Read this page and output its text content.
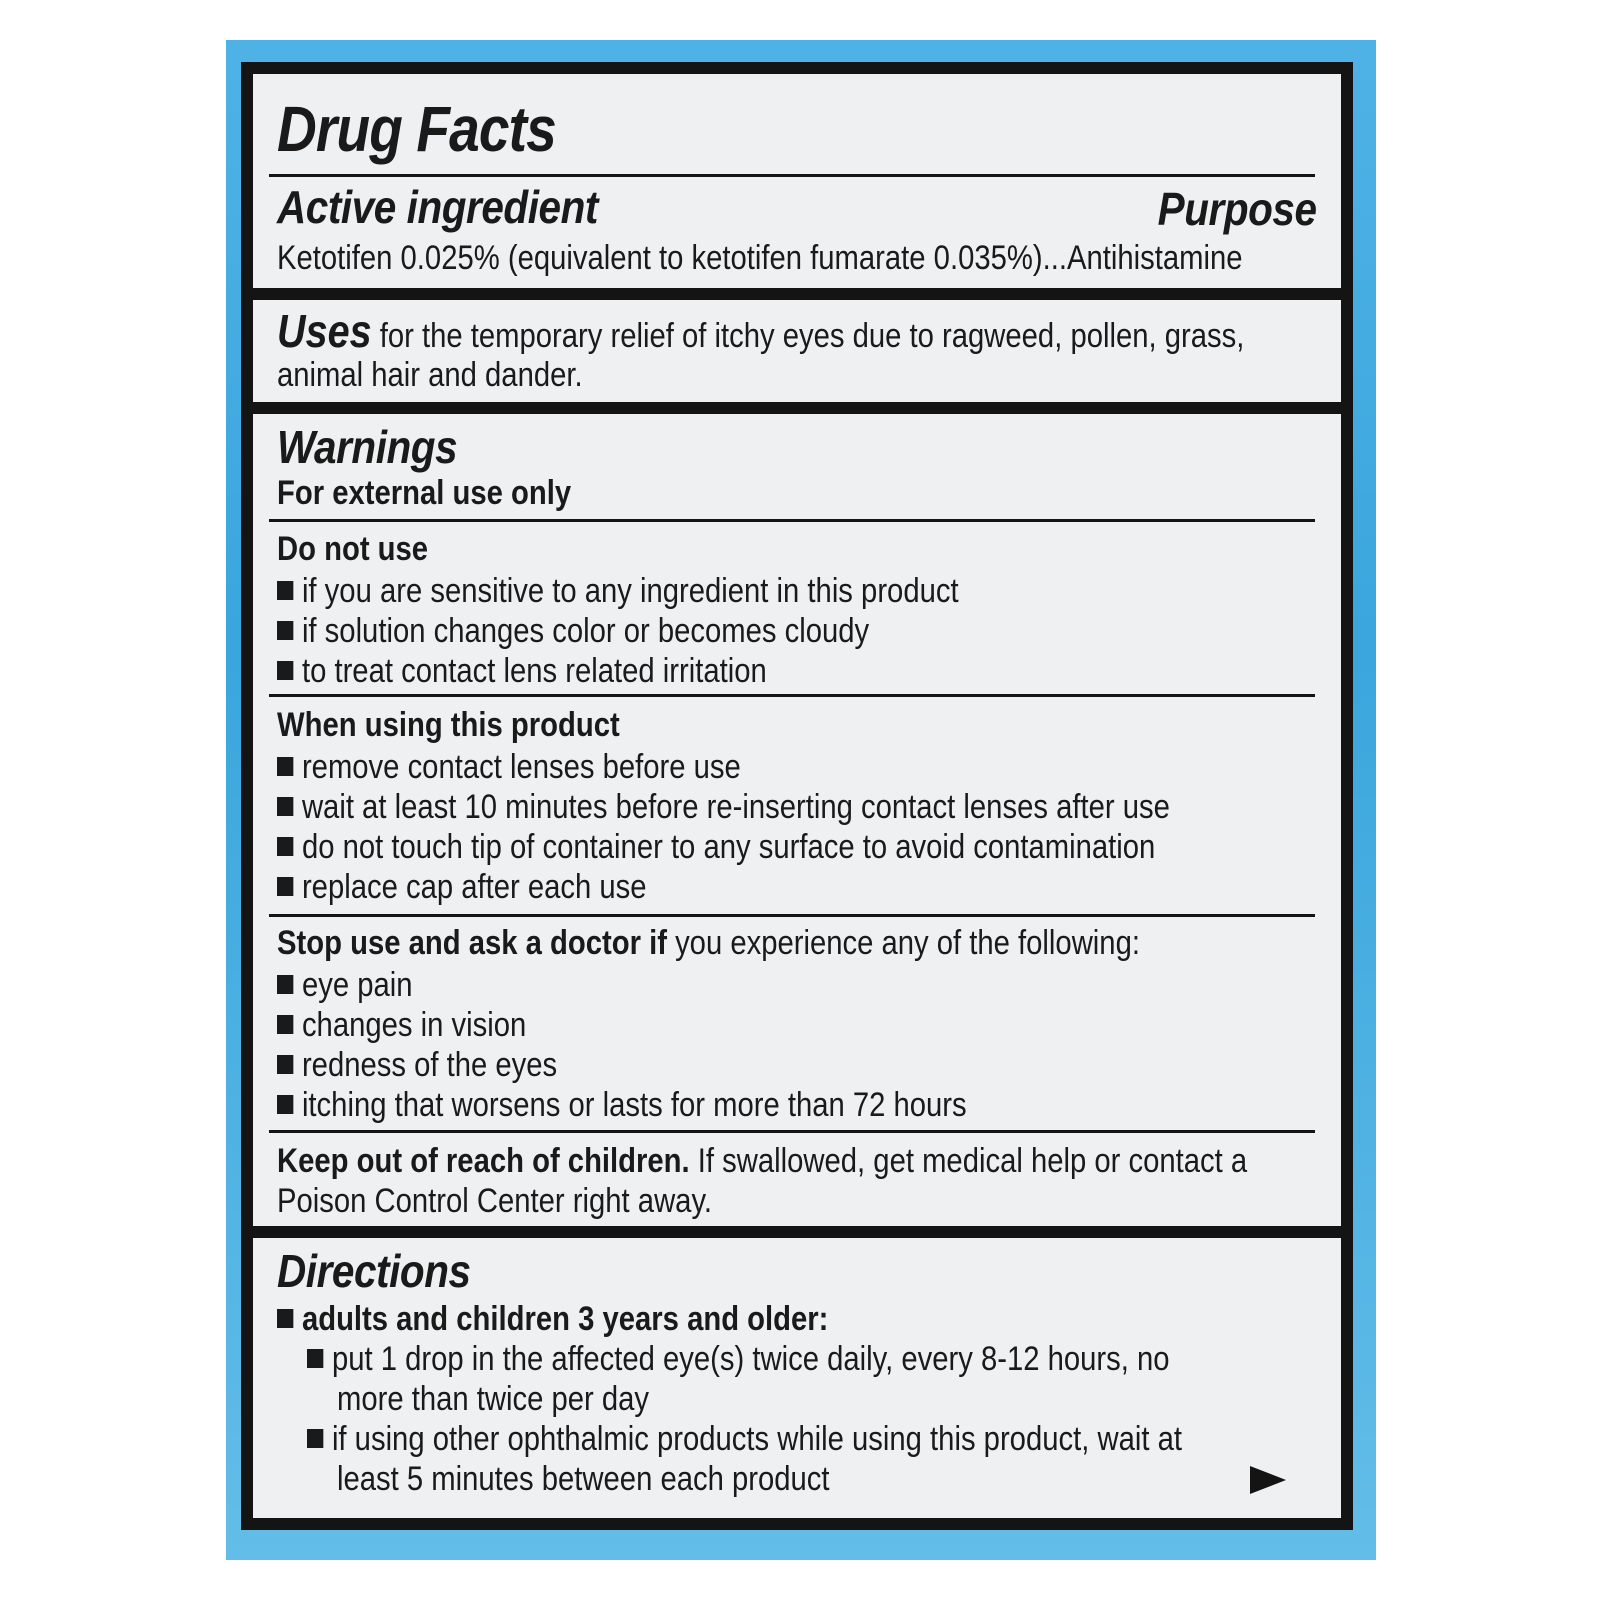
Drug Facts
Active ingredient	Purpose
Ketotifen 0.025% (equivalent to ketotifen fumarate 0.035%)...Antihistamine
Uses for the temporary relief of itchy eyes due to ragweed, pollen, grass,
animal hair and dander.
Warnings
For external use only
Do not use
if you are sensitive to any ingredient in this product
if solution changes color or becomes cloudy
to treat contact lens related irritation
When using this product
remove contact lenses before use
wait at least 10 minutes before re-inserting contact lenses after use
do not touch tip of container to any surface to avoid contamination
replace cap after each use
Stop use and ask a doctor if you experience any of the following:
eye pain
changes in vision
redness of the eyes
itching that worsens or lasts for more than 72 hours
Keep out of reach of children. If swallowed, get medical help or contact a
Poison Control Center right away.
Directions
adults and children 3 years and older:
put 1 drop in the affected eye(s) twice daily, every 8-12 hours, no
more than twice per day
if using other ophthalmic products while using this product, wait at
least 5 minutes between each product
